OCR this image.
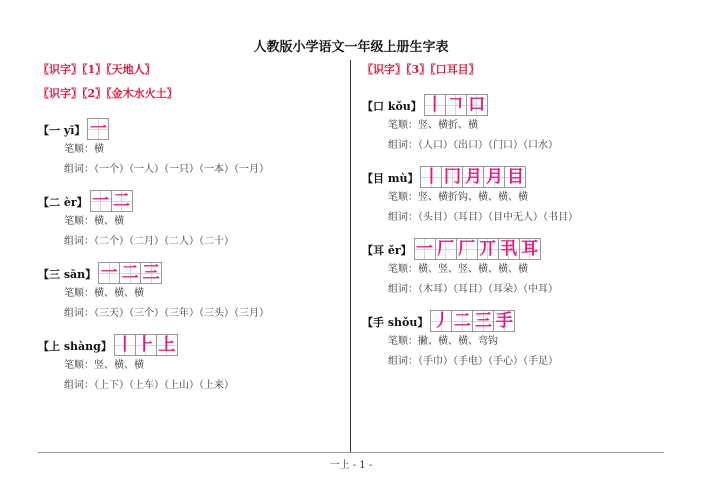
人教版小学语文一年级上册生字表
〖识字〗〖1〗〖天地人〗
〖识字〗〖2〗〖金木水火土〗
【一 yī】 一
笔顺：横
组词：（一个）（一人）（一只）（一本）（一月）
【二 èr】 一 二
笔顺：横、横
组词：（二个）（二月）（二人）（二十）
【三 sān】 一 二 三
笔顺：横、横、横
组词：（三天）（三个）（三年）（三头）（三月）
【上 shàng】 丨 ⺊ 上
笔顺：竖、横、横
组词：（上下）（上车）（上山）（上来）
〖识字〗〖3〗〖口耳目〗
【口 kǒu】 丨 𠃍 口
笔顺：竖、横折、横
组词：（人口）（出口）（门口）（口水）
【目 mù】 丨 冂 月 月 目
笔顺：竖、横折钩、横、横、横
组词：（头目）（耳目）（目中无人）（书目）
【耳 ěr】 一 厂 厂 丌 丮 耳
笔顺：横、竖、竖、横、横、横
组词：（木耳）（耳目）（耳朵）（中耳）
【手 shǒu】 丿 二 三 手
笔顺：撇、横、横、弯钩
组词：（手巾）（手电）（手心）（手足）
一上 - 1 -
